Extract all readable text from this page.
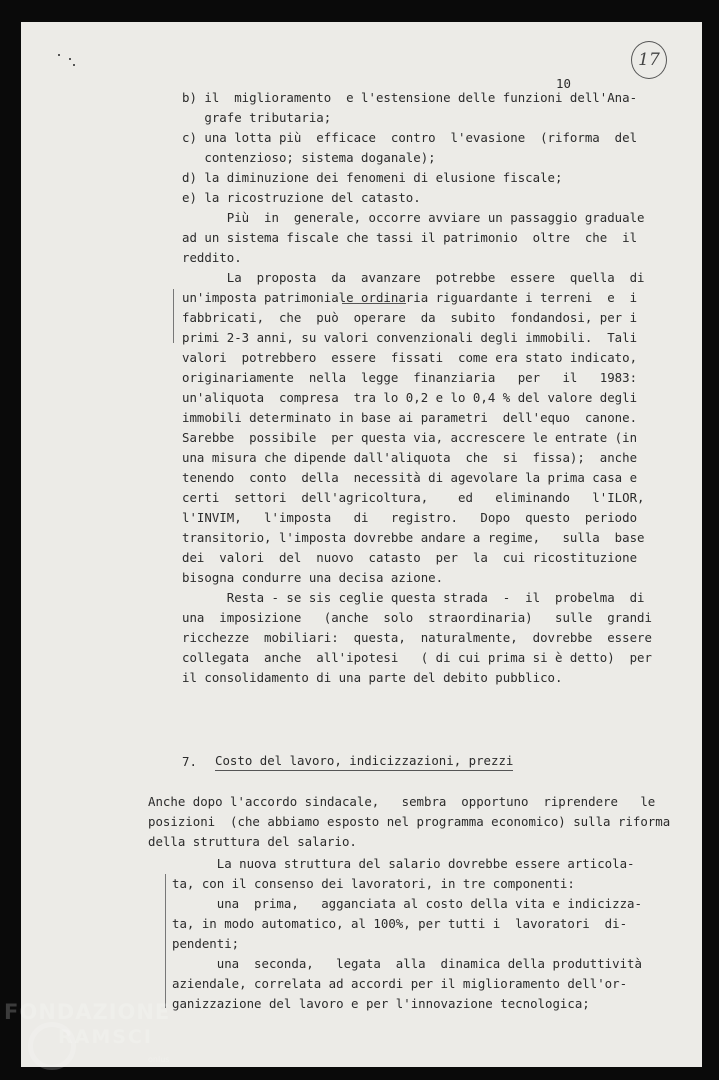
10
17
b) il  miglioramento  e l'estensione delle funzioni dell'Ana-
grafe tributaria;
c) una lotta più  efficace  contro  l'evasione  (riforma  del
contenzioso; sistema doganale);
d) la diminuzione dei fenomeni di elusione fiscale;
e) la ricostruzione del catasto.
Più  in  generale, occorre avviare un passaggio graduale
ad un sistema fiscale che tassi il patrimonio  oltre  che  il
reddito.
La  proposta  da  avanzare  potrebbe  essere  quella  di
un'imposta patrimoniale ordinaria riguardante i terreni  e  i
fabbricati,  che  può  operare  da  subito  fondandosi, per i
primi 2-3 anni, su valori convenzionali degli immobili.  Tali
valori  potrebbero  essere  fissati  come era stato indicato,
originariamente  nella  legge  finanziaria   per   il   1983:
un'aliquota  compresa  tra lo 0,2 e lo 0,4 % del valore degli
immobili determinato in base ai parametri  dell'equo  canone.
Sarebbe  possibile  per questa via, accrescere le entrate (in
una misura che dipende dall'aliquota  che  si  fissa);  anche
tenendo  conto  della  necessità di agevolare la prima casa e
certi  settori  dell'agricoltura,    ed   eliminando   l'ILOR,
l'INVIM,   l'imposta   di   registro.   Dopo  questo  periodo
transitorio, l'imposta dovrebbe andare a regime,   sulla  base
dei  valori  del  nuovo  catasto  per  la  cui ricostituzione
bisogna condurre una decisa azione.
Resta - se sis ceglie questa strada  -  il  probelma  di
una  imposizione   (anche  solo  straordinaria)   sulle  grandi
ricchezze  mobiliari:  questa,  naturalmente,  dovrebbe  essere
collegata  anche  all'ipotesi   ( di cui prima si è detto)  per
il consolidamento di una parte del debito pubblico.
7. Costo del lavoro, indicizzazioni, prezzi
Anche dopo l'accordo sindacale,   sembra  opportuno  riprendere   le
posizioni  (che abbiamo esposto nel programma economico) sulla riforma
della struttura del salario.
La nuova struttura del salario dovrebbe essere articola-
ta, con il consenso dei lavoratori, in tre componenti:
una  prima,   agganciata al costo della vita e indicizza-
ta, in modo automatico, al 100%, per tutti i  lavoratori  di-
pendenti;
una  seconda,   legata  alla  dinamica della produttività
aziendale, correlata ad accordi per il miglioramento dell'or-
ganizzazione del lavoro e per l'innovazione tecnologica;
FONDAZIONE
RAMSCI
onlus
